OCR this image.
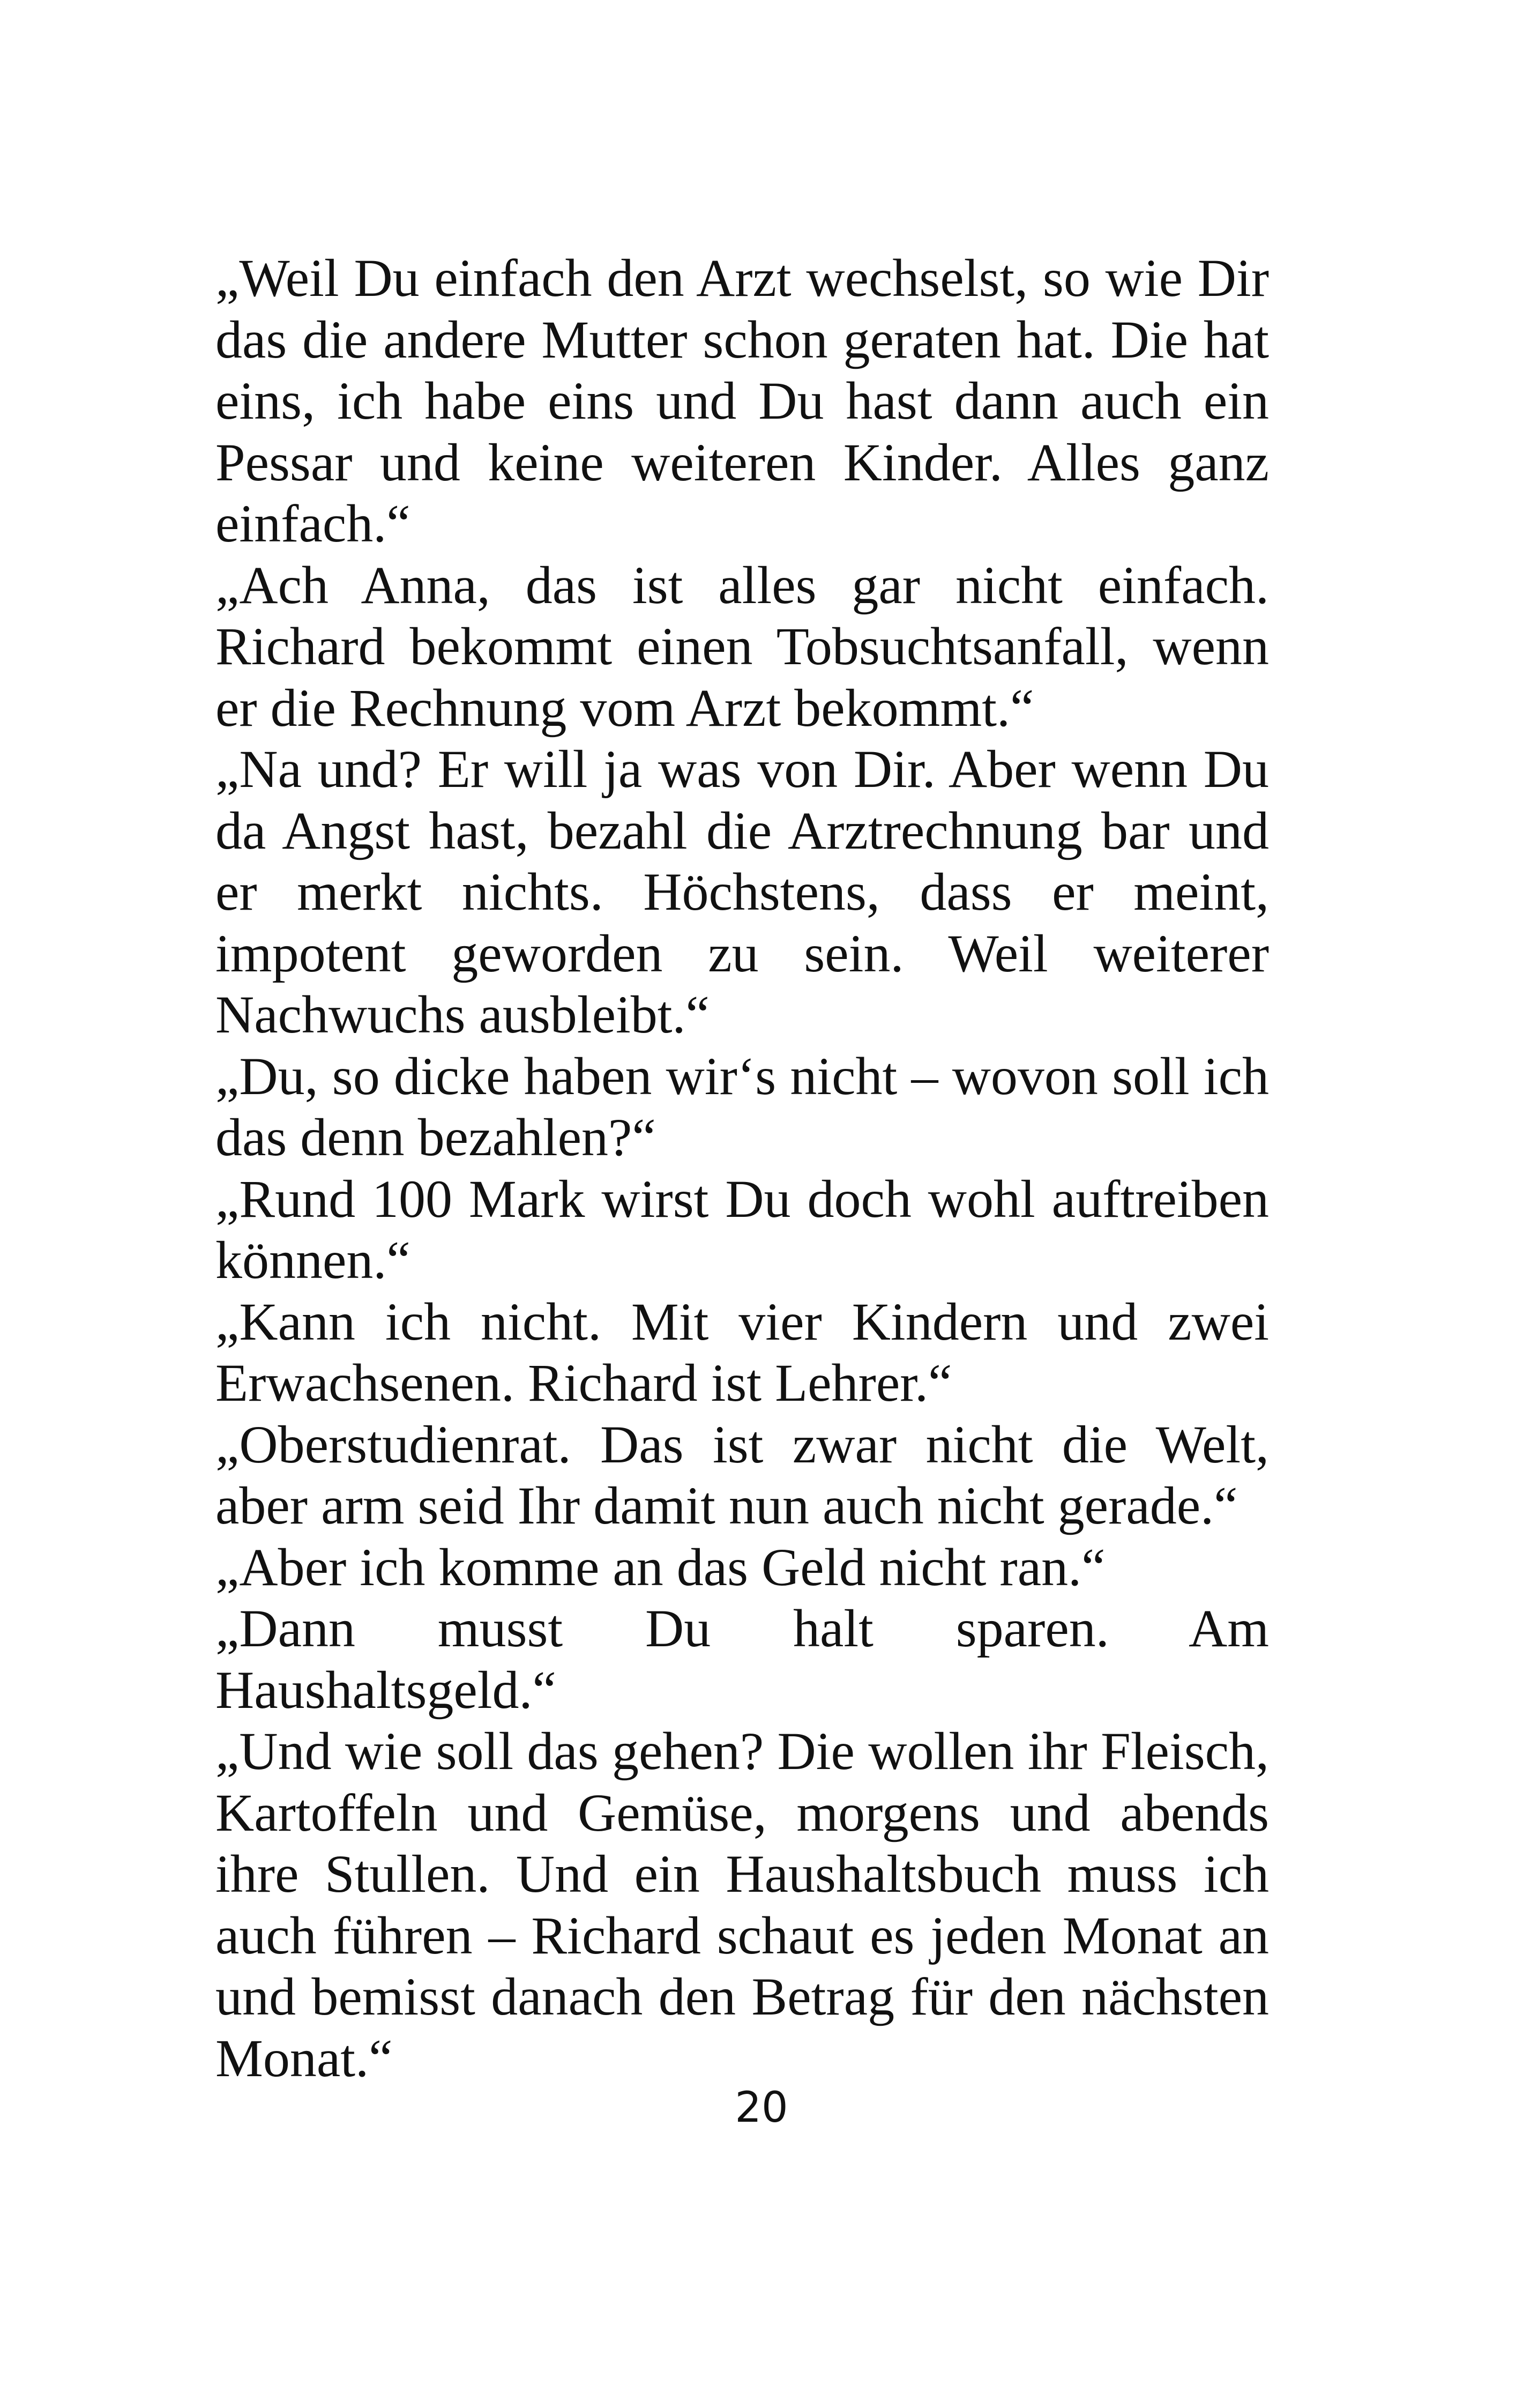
„Weil Du einfach den Arzt wechselst, so wie Dir das die andere Mutter schon geraten hat. Die hat eins, ich habe eins und Du hast dann auch ein Pessar und keine weiteren Kinder. Alles ganz einfach.“

„Ach Anna, das ist alles gar nicht einfach. Richard bekommt einen Tobsuchtsanfall, wenn er die Rechnung vom Arzt bekommt.“

„Na und? Er will ja was von Dir. Aber wenn Du da Angst hast, bezahl die Arztrechnung bar und er merkt nichts. Höchstens, dass er meint, impotent geworden zu sein. Weil weiterer Nachwuchs ausbleibt.“

„Du, so dicke haben wir‘s nicht – wovon soll ich das denn bezahlen?“

„Rund 100 Mark wirst Du doch wohl auftreiben können.“

„Kann ich nicht. Mit vier Kindern und zwei Erwachsenen. Richard ist Lehrer.“

„Oberstudienrat. Das ist zwar nicht die Welt, aber arm seid Ihr damit nun auch nicht gerade.“

„Aber ich komme an das Geld nicht ran.“

„Dann musst Du halt sparen. Am Haushaltsgeld.“

„Und wie soll das gehen? Die wollen ihr Fleisch, Kartoffeln und Gemüse, morgens und abends ihre Stullen. Und ein Haushaltsbuch muss ich auch führen – Richard schaut es jeden Monat an und bemisst danach den Betrag für den nächsten Monat.“

20
